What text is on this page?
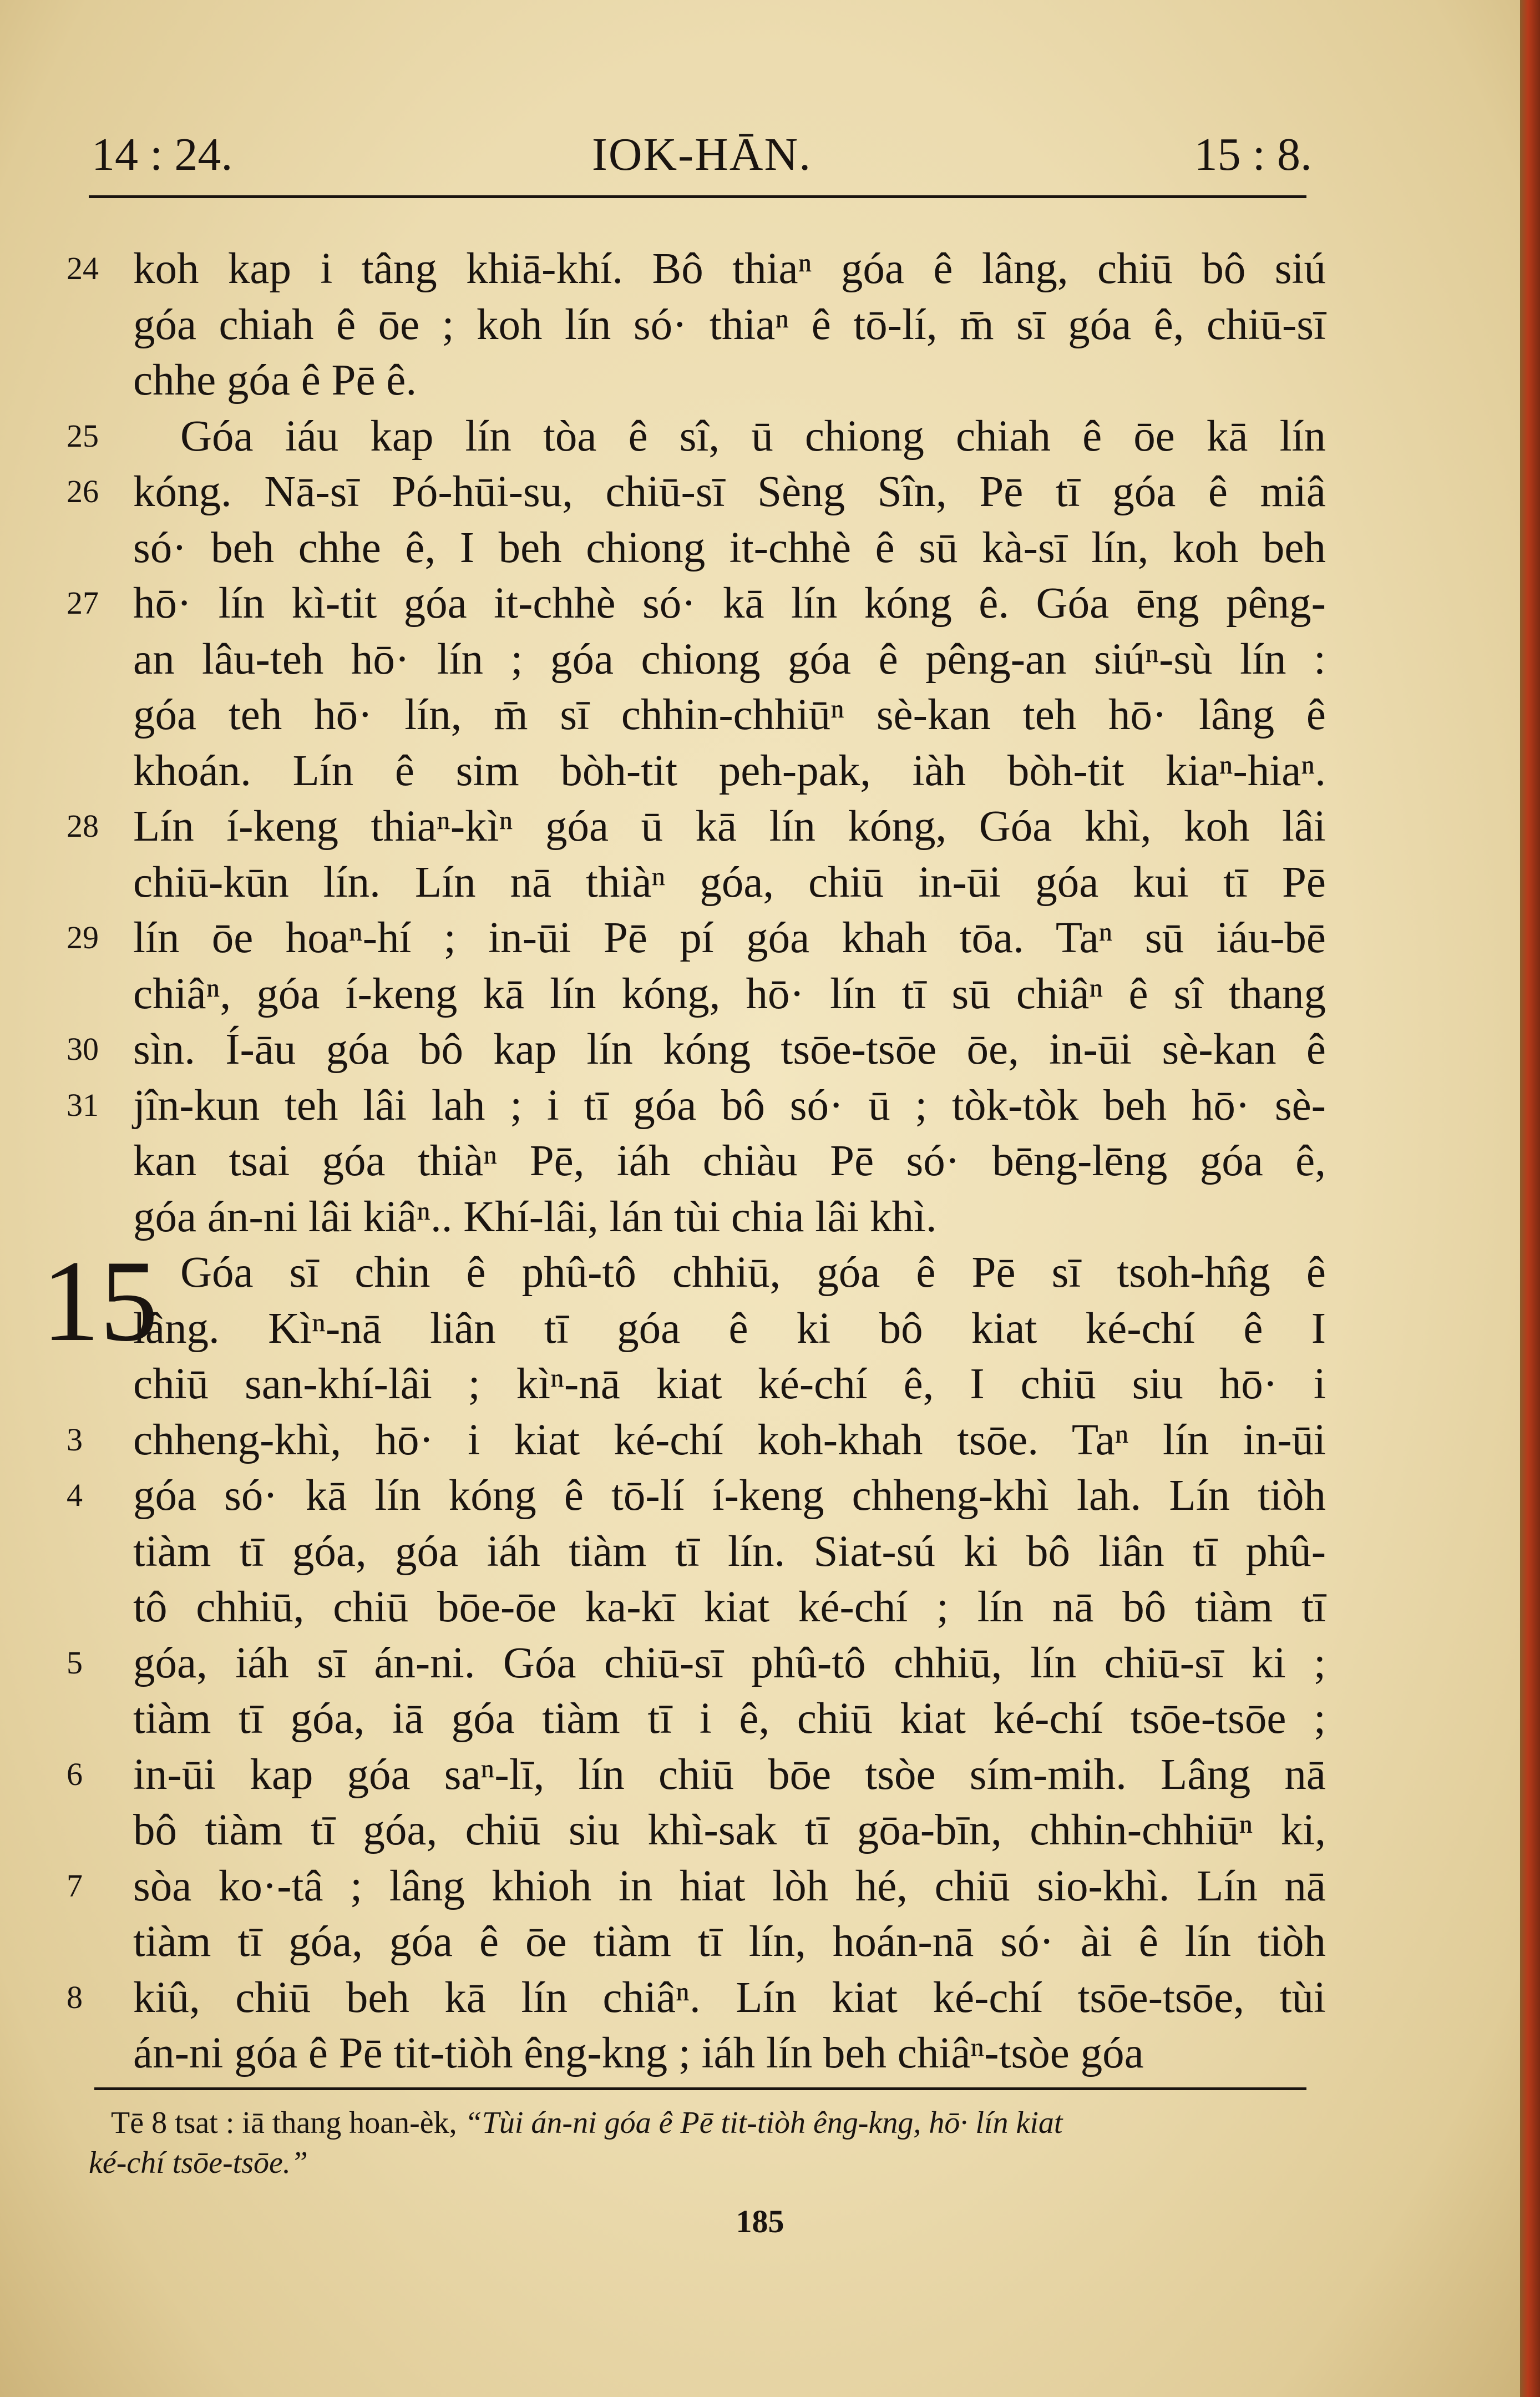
14 : 24.	IOK-HĀN.	15 : 8.
15
24 koh kap i tâng khiā-khí. Bô thiaⁿ góa ê lâng, chiū bô siú
góa chiah ê ōe ; koh lín só· thiaⁿ ê tō-lí, m̄ sī góa ê, chiū-sī
chhe góa ê Pē ê.
25	Góa iáu kap lín tòa ê sî, ū chiong chiah ê ōe kā lín
26 kóng. Nā-sī Pó-hūi-su, chiū-sī Sèng Sîn, Pē tī góa ê miâ
só· beh chhe ê, I beh chiong it-chhè ê sū kà-sī lín, koh beh
27 hō· lín kì-tit góa it-chhè só· kā lín kóng ê. Góa ēng pêng-
an lâu-teh hō· lín ; góa chiong góa ê pêng-an siúⁿ-sù lín :
góa teh hō· lín, m̄ sī chhin-chhiūⁿ sè-kan teh hō· lâng ê
khoán. Lín ê sim bòh-tit peh-pak, iàh bòh-tit kiaⁿ-hiaⁿ.
28 Lín í-keng thiaⁿ-kìⁿ góa ū kā lín kóng, Góa khì, koh lâi
chiū-kūn lín. Lín nā thiàⁿ góa, chiū in-ūi góa kui tī Pē
29 lín ōe hoaⁿ-hí ; in-ūi Pē pí góa khah tōa. Taⁿ sū iáu-bē
chiâⁿ, góa í-keng kā lín kóng, hō· lín tī sū chiâⁿ ê sî thang
30 sìn. Í-āu góa bô kap lín kóng tsōe-tsōe ōe, in-ūi sè-kan ê
31 jîn-kun teh lâi lah ; i tī góa bô só· ū ; tòk-tòk beh hō· sè-
kan tsai góa thiàⁿ Pē, iáh chiàu Pē só· bēng-lēng góa ê,
góa án-ni lâi kiâⁿ.. Khí-lâi, lán tùi chia lâi khì.
Góa sī chin ê phû-tô chhiū, góa ê Pē sī tsoh-hn̂g ê
lâng. Kìⁿ-nā liân tī góa ê ki bô kiat ké-chí ê I
chiū san-khí-lâi ; kìⁿ-nā kiat ké-chí ê, I chiū siu hō· i
3	chheng-khì, hō· i kiat ké-chí koh-khah tsōe. Taⁿ lín in-ūi
4	góa só· kā lín kóng ê tō-lí í-keng chheng-khì lah. Lín tiòh
tiàm tī góa, góa iáh tiàm tī lín. Siat-sú ki bô liân tī phû-
tô chhiū, chiū bōe-ōe ka-kī kiat ké-chí ; lín nā bô tiàm tī
5	góa, iáh sī án-ni. Góa chiū-sī phû-tô chhiū, lín chiū-sī ki ;
tiàm tī góa, iā góa tiàm tī i ê, chiū kiat ké-chí tsōe-tsōe ;
6	in-ūi kap góa saⁿ-lī, lín chiū bōe tsòe sím-mih. Lâng nā
bô tiàm tī góa, chiū siu khì-sak tī gōa-bīn, chhin-chhiūⁿ ki,
7	sòa ko·-tâ ; lâng khioh in hiat lòh hé, chiū sio-khì. Lín nā
tiàm tī góa, góa ê ōe tiàm tī lín, hoán-nā só· ài ê lín tiòh
8	kiû, chiū beh kā lín chiâⁿ. Lín kiat ké-chí tsōe-tsōe, tùi
án-ni góa ê Pē tit-tiòh êng-kng ; iáh lín beh chiâⁿ-tsòe góa
Tē 8 tsat : iā thang hoan-èk, “Tùi án-ni góa ê Pē tit-tiòh êng-kng, hō· lín kiat
ké-chí tsōe-tsōe.”
185
